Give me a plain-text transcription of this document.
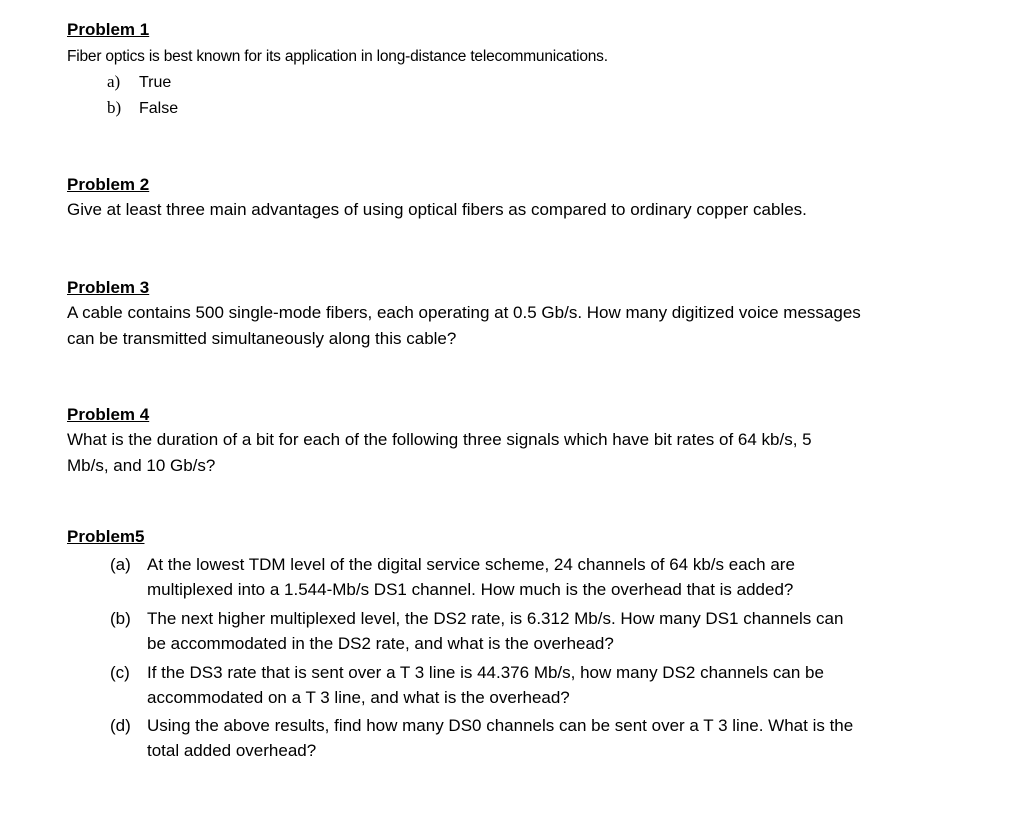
Problem 1
Fiber optics is best known for its application in long-distance telecommunications.
a) True
b) False
Problem 2
Give at least three main advantages of using optical fibers as compared to ordinary copper cables.
Problem 3
A cable contains 500 single-mode fibers, each operating at 0.5 Gb/s. How many digitized voice messages
can be transmitted simultaneously along this cable?
Problem 4
What is the duration of a bit for each of the following three signals which have bit rates of 64 kb/s, 5
Mb/s, and 10 Gb/s?
Problem5
(a) At the lowest TDM level of the digital service scheme, 24 channels of 64 kb/s each are
multiplexed into a 1.544-Mb/s DS1 channel. How much is the overhead that is added?
(b) The next higher multiplexed level, the DS2 rate, is 6.312 Mb/s. How many DS1 channels can
be accommodated in the DS2 rate, and what is the overhead?
(c)	If the DS3 rate that is sent over a T 3 line is 44.376 Mb/s, how many DS2 channels can be
accommodated on a T 3 line, and what is the overhead?
(d) Using the above results, find how many DS0 channels can be sent over a T 3 line. What is the
total added overhead?
